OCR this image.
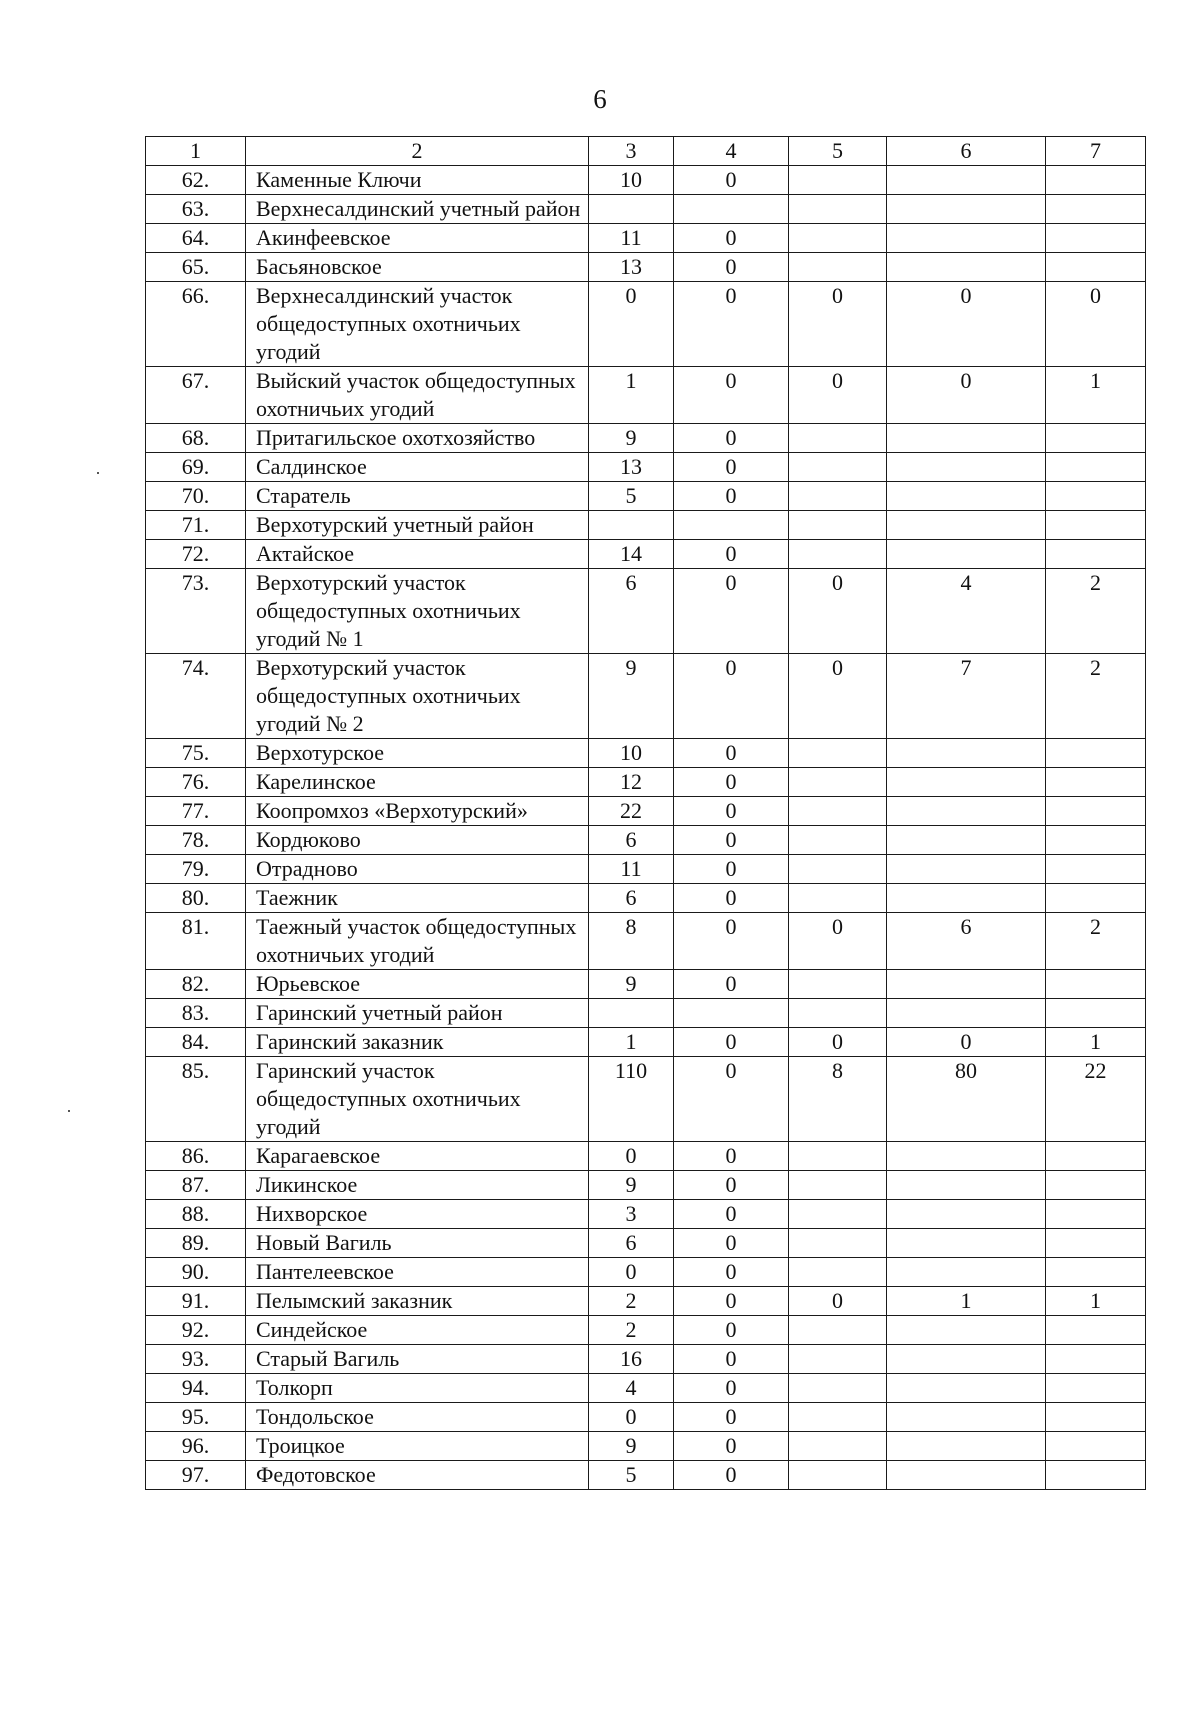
6
1	2	3	4	5	6	7
62.	Каменные Ключи	10	0			
63.	Верхнесалдинский учетный район					
64.	Акинфеевское	11	0			
65.	Басьяновское	13	0			
66.	Верхнесалдинский участок общедоступных охотничьих угодий	0	0	0	0	0
67.	Выйский участок общедоступных охотничьих угодий	1	0	0	0	1
68.	Притагильское охотхозяйство	9	0			
69.	Салдинское	13	0			
70.	Старатель	5	0			
71.	Верхотурский учетный район					
72.	Актайское	14	0			
73.	Верхотурский участок общедоступных охотничьих угодий № 1	6	0	0	4	2
74.	Верхотурский участок общедоступных охотничьих угодий № 2	9	0	0	7	2
75.	Верхотурское	10	0			
76.	Карелинское	12	0			
77.	Коопромхоз «Верхотурский»	22	0			
78.	Кордюково	6	0			
79.	Отрадново	11	0			
80.	Таежник	6	0			
81.	Таежный участок общедоступных охотничьих угодий	8	0	0	6	2
82.	Юрьевское	9	0			
83.	Гаринский учетный район					
84.	Гаринский заказник	1	0	0	0	1
85.	Гаринский участок общедоступных охотничьих угодий	110	0	8	80	22
86.	Карагаевское	0	0			
87.	Ликинское	9	0			
88.	Нихворское	3	0			
89.	Новый Вагиль	6	0			
90.	Пантелеевское	0	0			
91.	Пелымский заказник	2	0	0	1	1
92.	Синдейское	2	0			
93.	Старый Вагиль	16	0			
94.	Толкорп	4	0			
95.	Тондольское	0	0			
96.	Троицкое	9	0			
97.	Федотовское	5	0			
